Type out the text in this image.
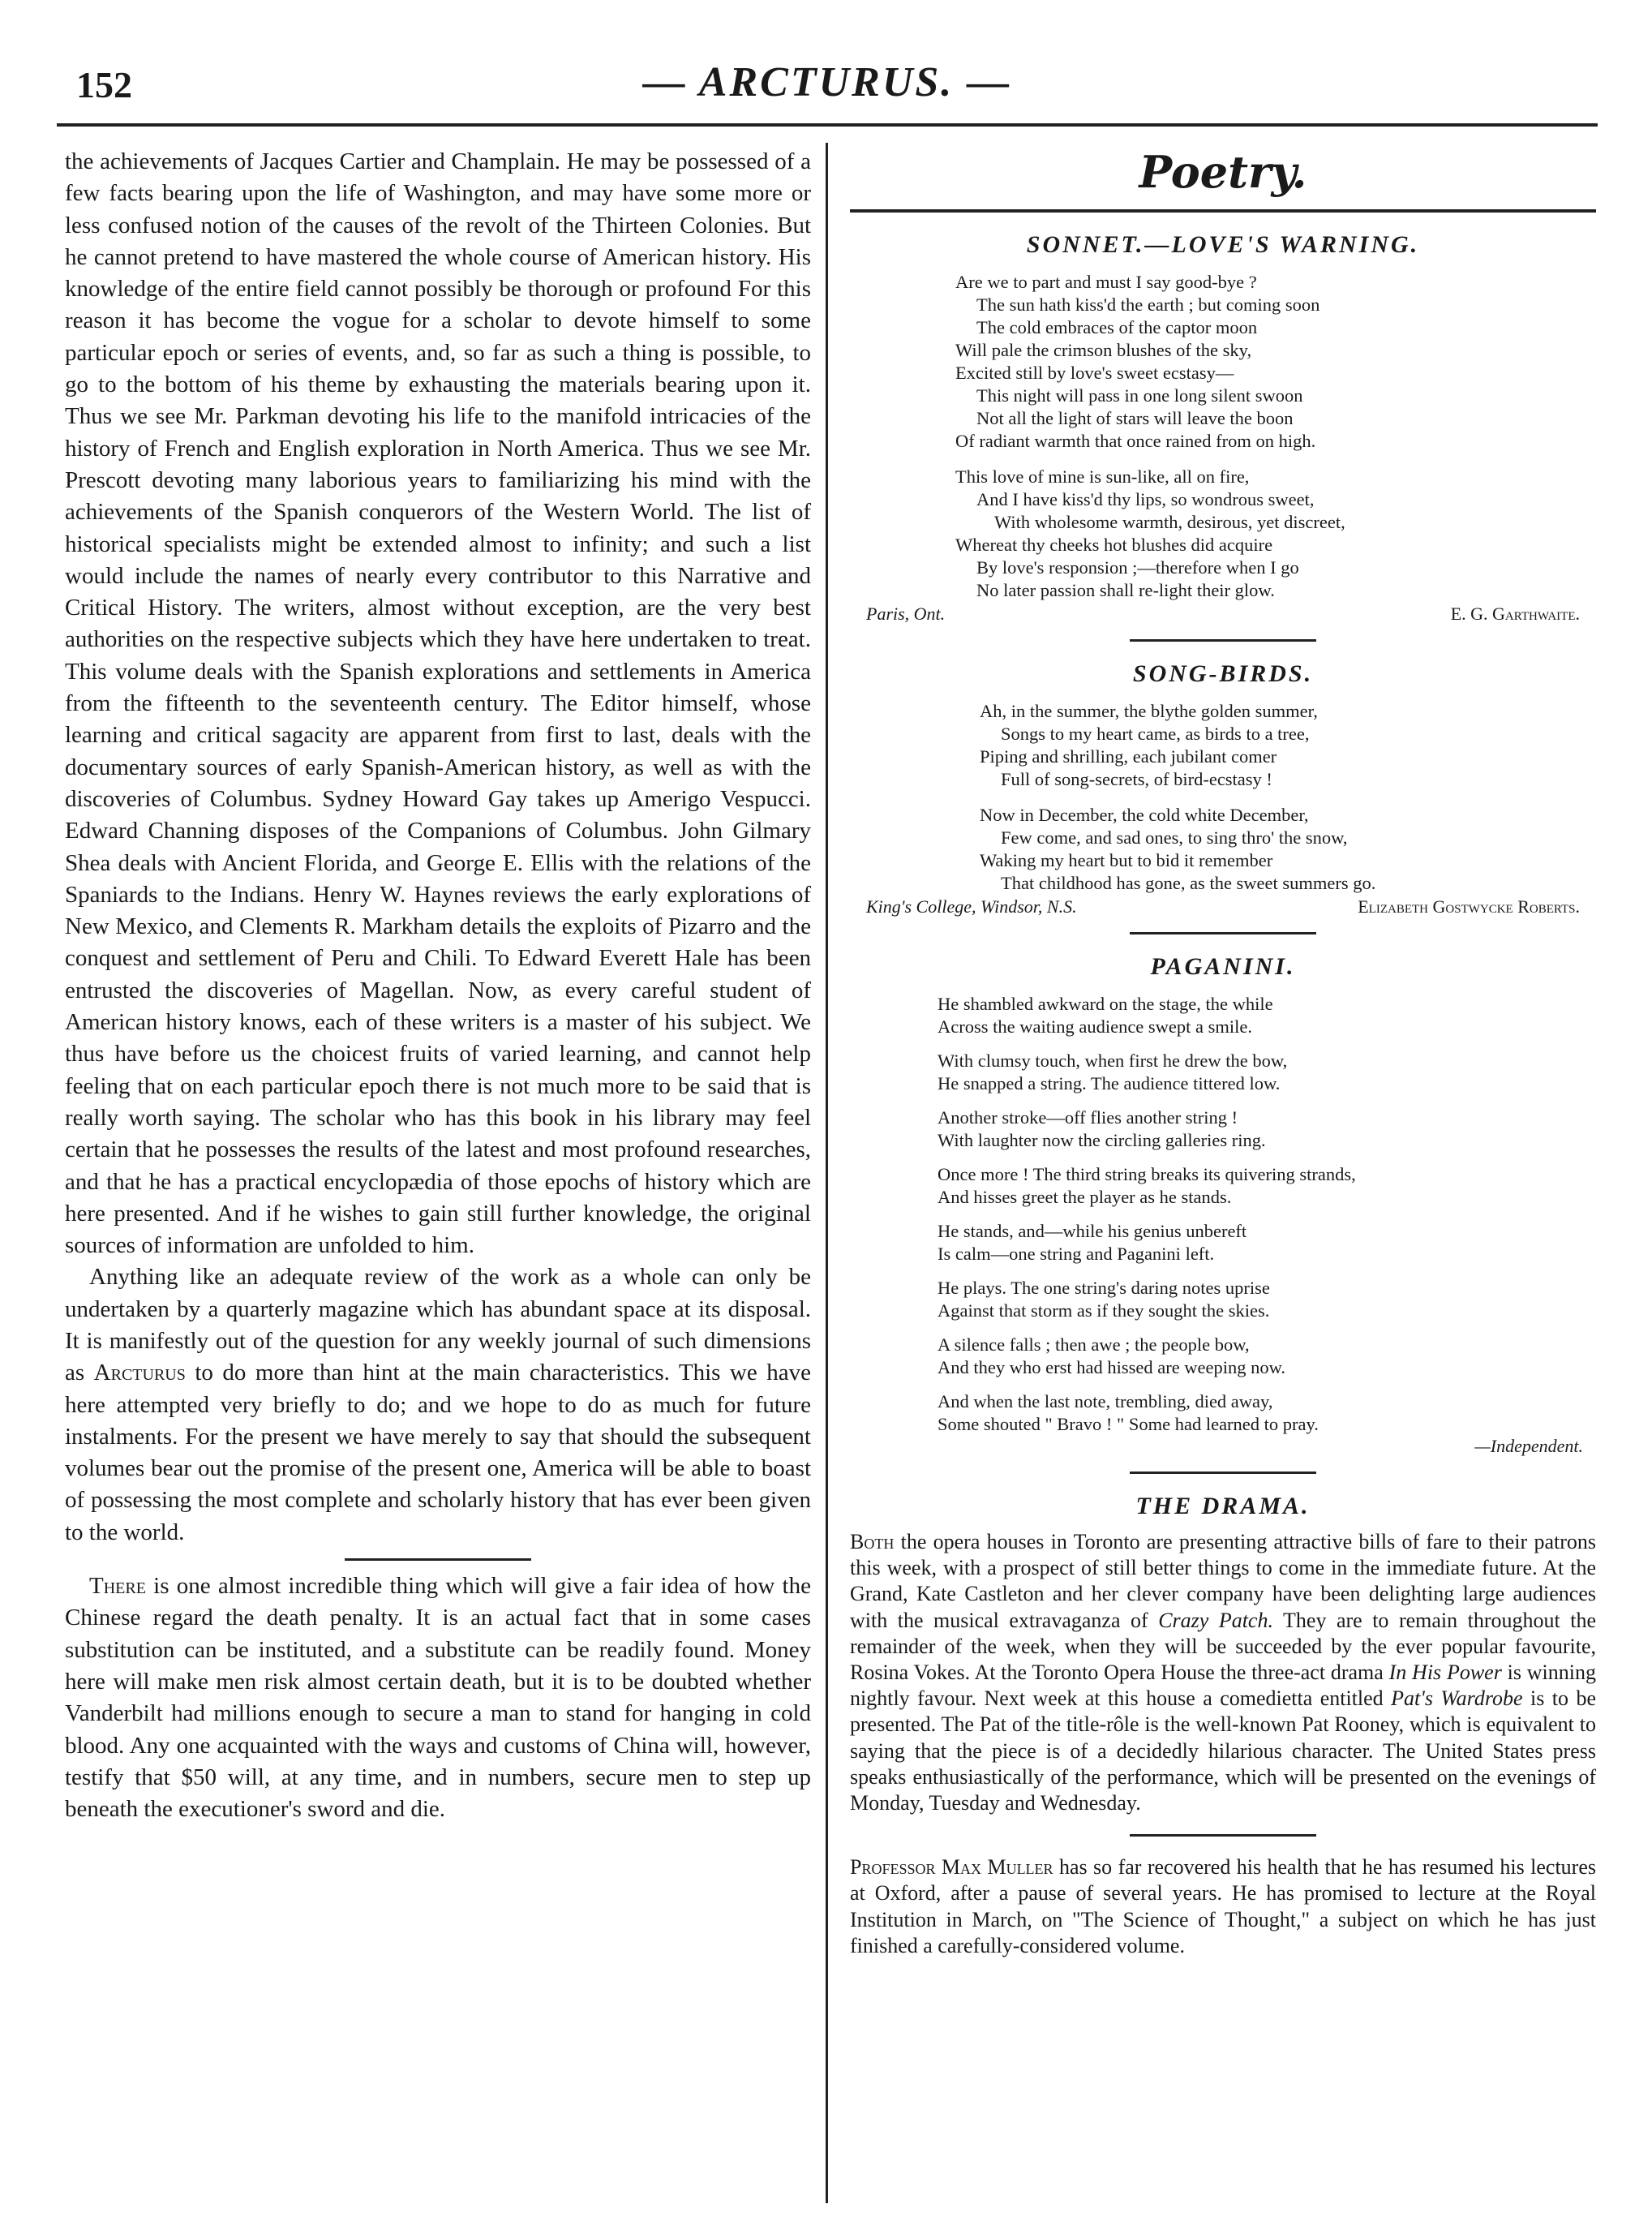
152	— ARCTURUS. —

the achievements of Jacques Cartier and Champlain. He may be possessed of a few facts bearing upon the life of Washington, and may have some more or less confused notion of the causes of the revolt of the Thirteen Colonies. But he cannot pretend to have mastered the whole course of American history. His knowledge of the entire field cannot possibly be thorough or profound For this reason it has become the vogue for a scholar to devote himself to some particular epoch or series of events, and, so far as such a thing is possible, to go to the bottom of his theme by exhausting the materials bearing upon it. Thus we see Mr. Parkman devoting his life to the manifold intricacies of the history of French and English exploration in North America. Thus we see Mr. Prescott devoting many laborious years to familiarizing his mind with the achievements of the Spanish conquerors of the Western World. The list of historical specialists might be extended almost to infinity; and such a list would include the names of nearly every contributor to this Narrative and Critical History. The writers, almost without exception, are the very best authorities on the respective subjects which they have here undertaken to treat. This volume deals with the Spanish explorations and settlements in America from the fifteenth to the seventeenth century. The Editor himself, whose learning and critical sagacity are apparent from first to last, deals with the documentary sources of early Spanish-American history, as well as with the discoveries of Columbus. Sydney Howard Gay takes up Amerigo Vespucci. Edward Channing disposes of the Companions of Columbus. John Gilmary Shea deals with Ancient Florida, and George E. Ellis with the relations of the Spaniards to the Indians. Henry W. Haynes reviews the early explorations of New Mexico, and Clements R. Markham details the exploits of Pizarro and the conquest and settlement of Peru and Chili. To Edward Everett Hale has been entrusted the discoveries of Magellan. Now, as every careful student of American history knows, each of these writers is a master of his subject. We thus have before us the choicest fruits of varied learning, and cannot help feeling that on each particular epoch there is not much more to be said that is really worth saying. The scholar who has this book in his library may feel certain that he possesses the results of the latest and most profound researches, and that he has a practical encyclopædia of those epochs of history which are here presented. And if he wishes to gain still further knowledge, the original sources of information are unfolded to him.

Anything like an adequate review of the work as a whole can only be undertaken by a quarterly magazine which has abundant space at its disposal. It is manifestly out of the question for any weekly journal of such dimensions as Arcturus to do more than hint at the main characteristics. This we have here attempted very briefly to do; and we hope to do as much for future instalments. For the present we have merely to say that should the subsequent volumes bear out the promise of the present one, America will be able to boast of possessing the most complete and scholarly history that has ever been given to the world.

There is one almost incredible thing which will give a fair idea of how the Chinese regard the death penalty. It is an actual fact that in some cases substitution can be instituted, and a substitute can be readily found. Money here will make men risk almost certain death, but it is to be doubted whether Vanderbilt had millions enough to secure a man to stand for hanging in cold blood. Any one acquainted with the ways and customs of China will, however, testify that $50 will, at any time, and in numbers, secure men to step up beneath the executioner's sword and die.

Poetry.
SONNET.—LOVE'S WARNING.
Are we to part and must I say good-bye ?
The sun hath kiss'd the earth ; but coming soon
The cold embraces of the captor moon
Will pale the crimson blushes of the sky,
Excited still by love's sweet ecstasy—
This night will pass in one long silent swoon
Not all the light of stars will leave the boon
Of radiant warmth that once rained from on high.
This love of mine is sun-like, all on fire,
And I have kiss'd thy lips, so wondrous sweet,
With wholesome warmth, desirous, yet discreet,
Whereat thy cheeks hot blushes did acquire
By love's responsion ;—therefore when I go
No later passion shall re-light their glow.
Paris, Ont.	E. G. Garthwaite.
SONG-BIRDS.
Ah, in the summer, the blythe golden summer,
Songs to my heart came, as birds to a tree,
Piping and shrilling, each jubilant comer
Full of song-secrets, of bird-ecstasy !
Now in December, the cold white December,
Few come, and sad ones, to sing thro' the snow,
Waking my heart but to bid it remember
That childhood has gone, as the sweet summers go.
King's College, Windsor, N.S.	Elizabeth Gostwycke Roberts.
PAGANINI.
He shambled awkward on the stage, the while
Across the waiting audience swept a smile.
With clumsy touch, when first he drew the bow,
He snapped a string. The audience tittered low.
Another stroke—off flies another string !
With laughter now the circling galleries ring.
Once more ! The third string breaks its quivering strands,
And hisses greet the player as he stands.
He stands, and—while his genius unbereft
Is calm—one string and Paganini left.
He plays. The one string's daring notes uprise
Against that storm as if they sought the skies.
A silence falls ; then awe ; the people bow,
And they who erst had hissed are weeping now.
And when the last note, trembling, died away,
Some shouted " Bravo ! " Some had learned to pray.
—Independent.
THE DRAMA.

Both the opera houses in Toronto are presenting attractive bills of fare to their patrons this week, with a prospect of still better things to come in the immediate future. At the Grand, Kate Castleton and her clever company have been delighting large audiences with the musical extravaganza of Crazy Patch. They are to remain throughout the remainder of the week, when they will be succeeded by the ever popular favourite, Rosina Vokes. At the Toronto Opera House the three-act drama In His Power is winning nightly favour. Next week at this house a comedietta entitled Pat's Wardrobe is to be presented. The Pat of the title-rôle is the well-known Pat Rooney, which is equivalent to saying that the piece is of a decidedly hilarious character. The United States press speaks enthusiastically of the performance, which will be presented on the evenings of Monday, Tuesday and Wednesday.

Professor Max Muller has so far recovered his health that he has resumed his lectures at Oxford, after a pause of several years. He has promised to lecture at the Royal Institution in March, on "The Science of Thought," a subject on which he has just finished a carefully-considered volume.
